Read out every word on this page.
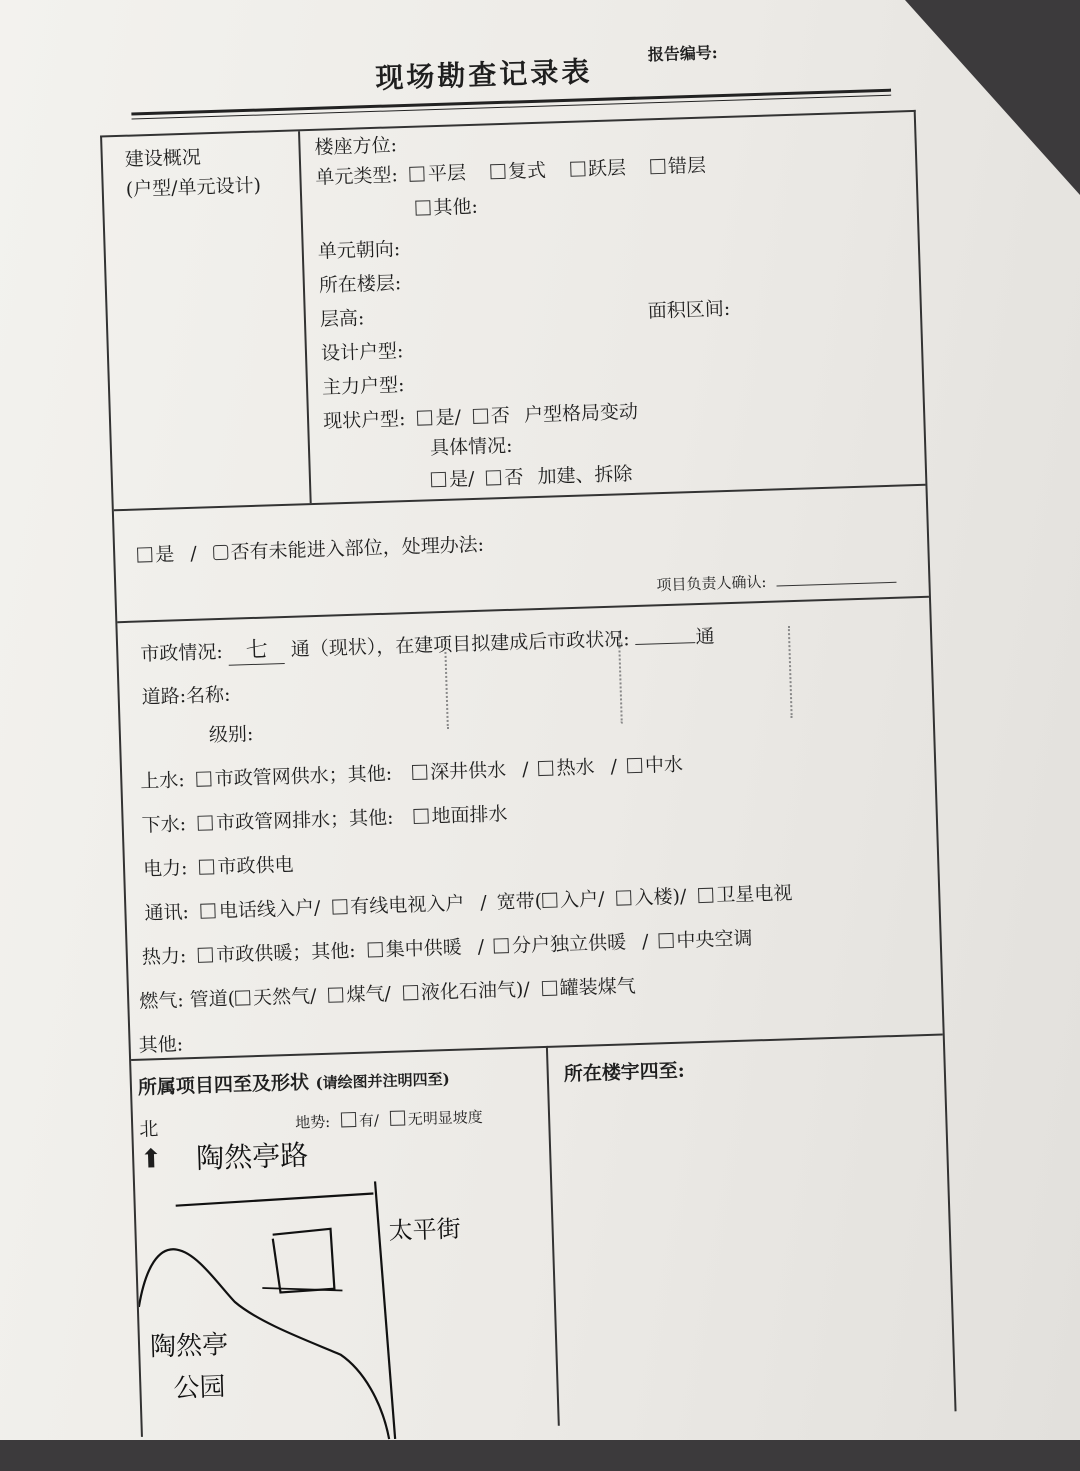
现场勘查记录表
报告编号:
建设概况
(户型/单元设计)
楼座方位:
单元类型: 平层 复式 跃层 错层
其他:
单元朝向:
所在楼层:
层高:	面积区间:
设计户型:
主力户型:
现状户型: 是/ 否 户型格局变动
具体情况:
是/ 否 加建、拆除
是 / 否有未能进入部位，处理办法:
项目负责人确认:
市政情况: 七 通（现状），在建项目拟建成后市政状况:	通
道路:名称:
级别:
上水: 市政管网供水；其他: 深井供水 / 热水 / 中水
下水: 市政管网排水；其他: 地面排水
电力: 市政供电
通讯: 电话线入户/ 有线电视入户 / 宽带( 入户/ 入楼)/ 卫星电视
热力: 市政供暖；其他: 集中供暖 / 分户独立供暖 / 中央空调
燃气: 管道( 天然气/ 煤气/ 液化石油气)/ 罐装煤气
其他:
所属项目四至及形状 (请绘图并注明四至)	所在楼宇四至:
北
⬆
地势: 有/ 无明显坡度
陶然亭路
太平街
陶然亭
公园
